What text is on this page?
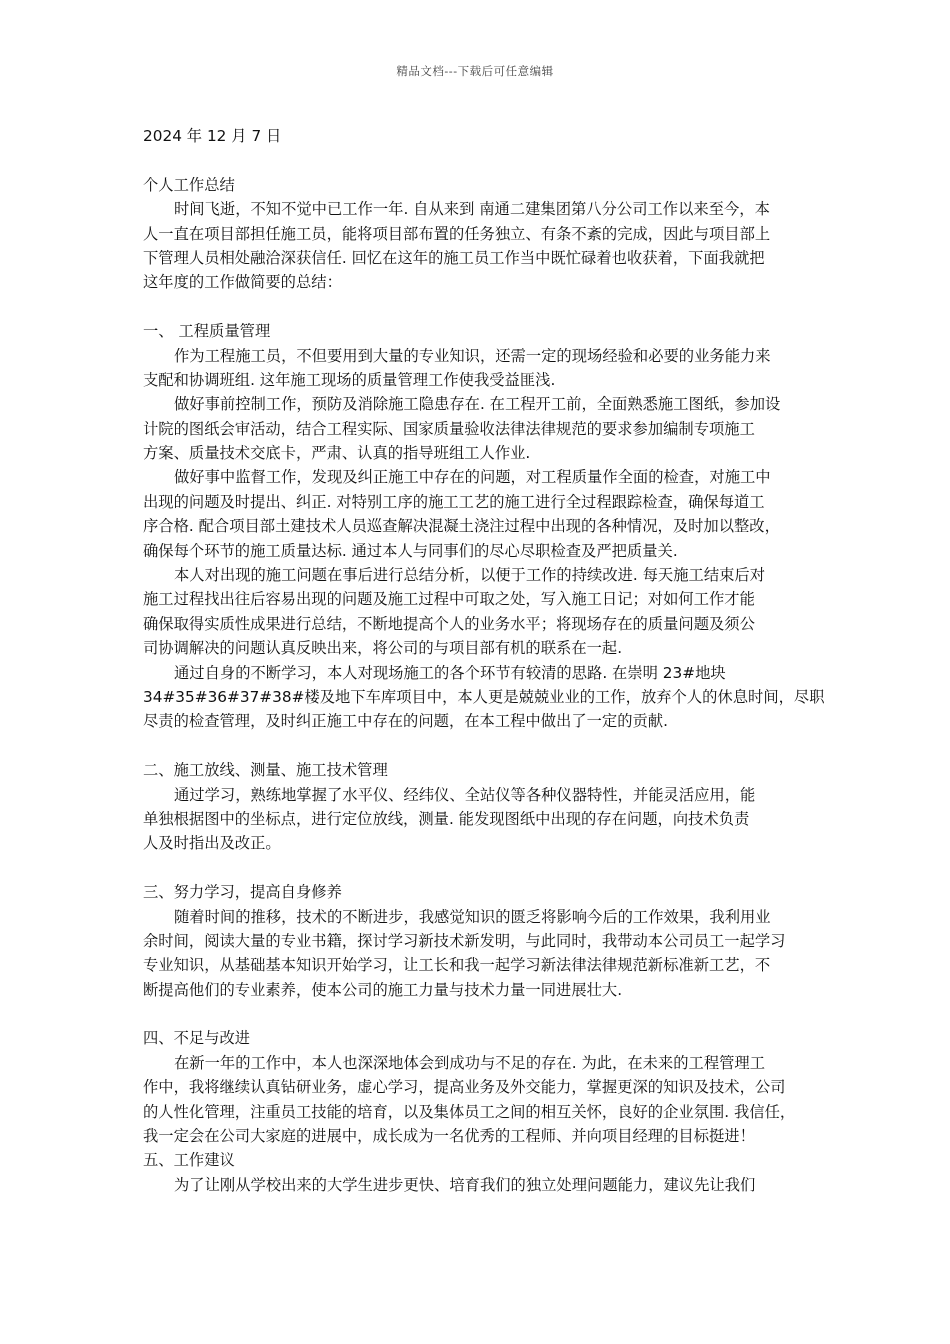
精品文档---下载后可任意编辑
2024 年 12 月 7 日
个人工作总结
时间飞逝，不知不觉中已工作一年. 自从来到 南通二建集团第八分公司工作以来至今，本
人一直在项目部担任施工员，能将项目部布置的任务独立、有条不紊的完成，因此与项目部上
下管理人员相处融洽深获信任. 回忆在这年的施工员工作当中既忙碌着也收获着，下面我就把
这年度的工作做简要的总结：
一、 工程质量管理
作为工程施工员，不但要用到大量的专业知识，还需一定的现场经验和必要的业务能力来
支配和协调班组. 这年施工现场的质量管理工作使我受益匪浅.
做好事前控制工作，预防及消除施工隐患存在. 在工程开工前，全面熟悉施工图纸，参加设
计院的图纸会审活动，结合工程实际、国家质量验收法律法律规范的要求参加编制专项施工
方案、质量技术交底卡，严肃、认真的指导班组工人作业.
做好事中监督工作，发现及纠正施工中存在的问题，对工程质量作全面的检查，对施工中
出现的问题及时提出、纠正. 对特别工序的施工工艺的施工进行全过程跟踪检查，确保每道工
序合格. 配合项目部土建技术人员巡查解决混凝土浇注过程中出现的各种情况，及时加以整改，
确保每个环节的施工质量达标. 通过本人与同事们的尽心尽职检查及严把质量关.
本人对出现的施工问题在事后进行总结分析，以便于工作的持续改进. 每天施工结束后对
施工过程找出往后容易出现的问题及施工过程中可取之处，写入施工日记；对如何工作才能
确保取得实质性成果进行总结，不断地提高个人的业务水平；将现场存在的质量问题及须公
司协调解决的问题认真反映出来，将公司的与项目部有机的联系在一起.
通过自身的不断学习，本人对现场施工的各个环节有较清的思路. 在崇明 23#地块
34#35#36#37#38#楼及地下车库项目中，本人更是兢兢业业的工作，放弃个人的休息时间，尽职
尽责的检查管理，及时纠正施工中存在的问题，在本工程中做出了一定的贡献.
二、施工放线、测量、施工技术管理
通过学习，熟练地掌握了水平仪、经纬仪、全站仪等各种仪器特性，并能灵活应用，能
单独根据图中的坐标点，进行定位放线，测量. 能发现图纸中出现的存在问题，向技术负责
人及时指出及改正。
三、努力学习，提高自身修养
随着时间的推移，技术的不断进步，我感觉知识的匮乏将影响今后的工作效果，我利用业
余时间，阅读大量的专业书籍，探讨学习新技术新发明，与此同时，我带动本公司员工一起学习
专业知识，从基础基本知识开始学习，让工长和我一起学习新法律法律规范新标准新工艺，不
断提高他们的专业素养，使本公司的施工力量与技术力量一同进展壮大.
四、不足与改进
在新一年的工作中，本人也深深地体会到成功与不足的存在. 为此，在未来的工程管理工
作中，我将继续认真钻研业务，虚心学习，提高业务及外交能力，掌握更深的知识及技术，公司
的人性化管理，注重员工技能的培育，以及集体员工之间的相互关怀，良好的企业氛围. 我信任，
我一定会在公司大家庭的进展中，成长成为一名优秀的工程师、并向项目经理的目标挺进！
五、工作建议
为了让刚从学校出来的大学生进步更快、培育我们的独立处理问题能力，建议先让我们
